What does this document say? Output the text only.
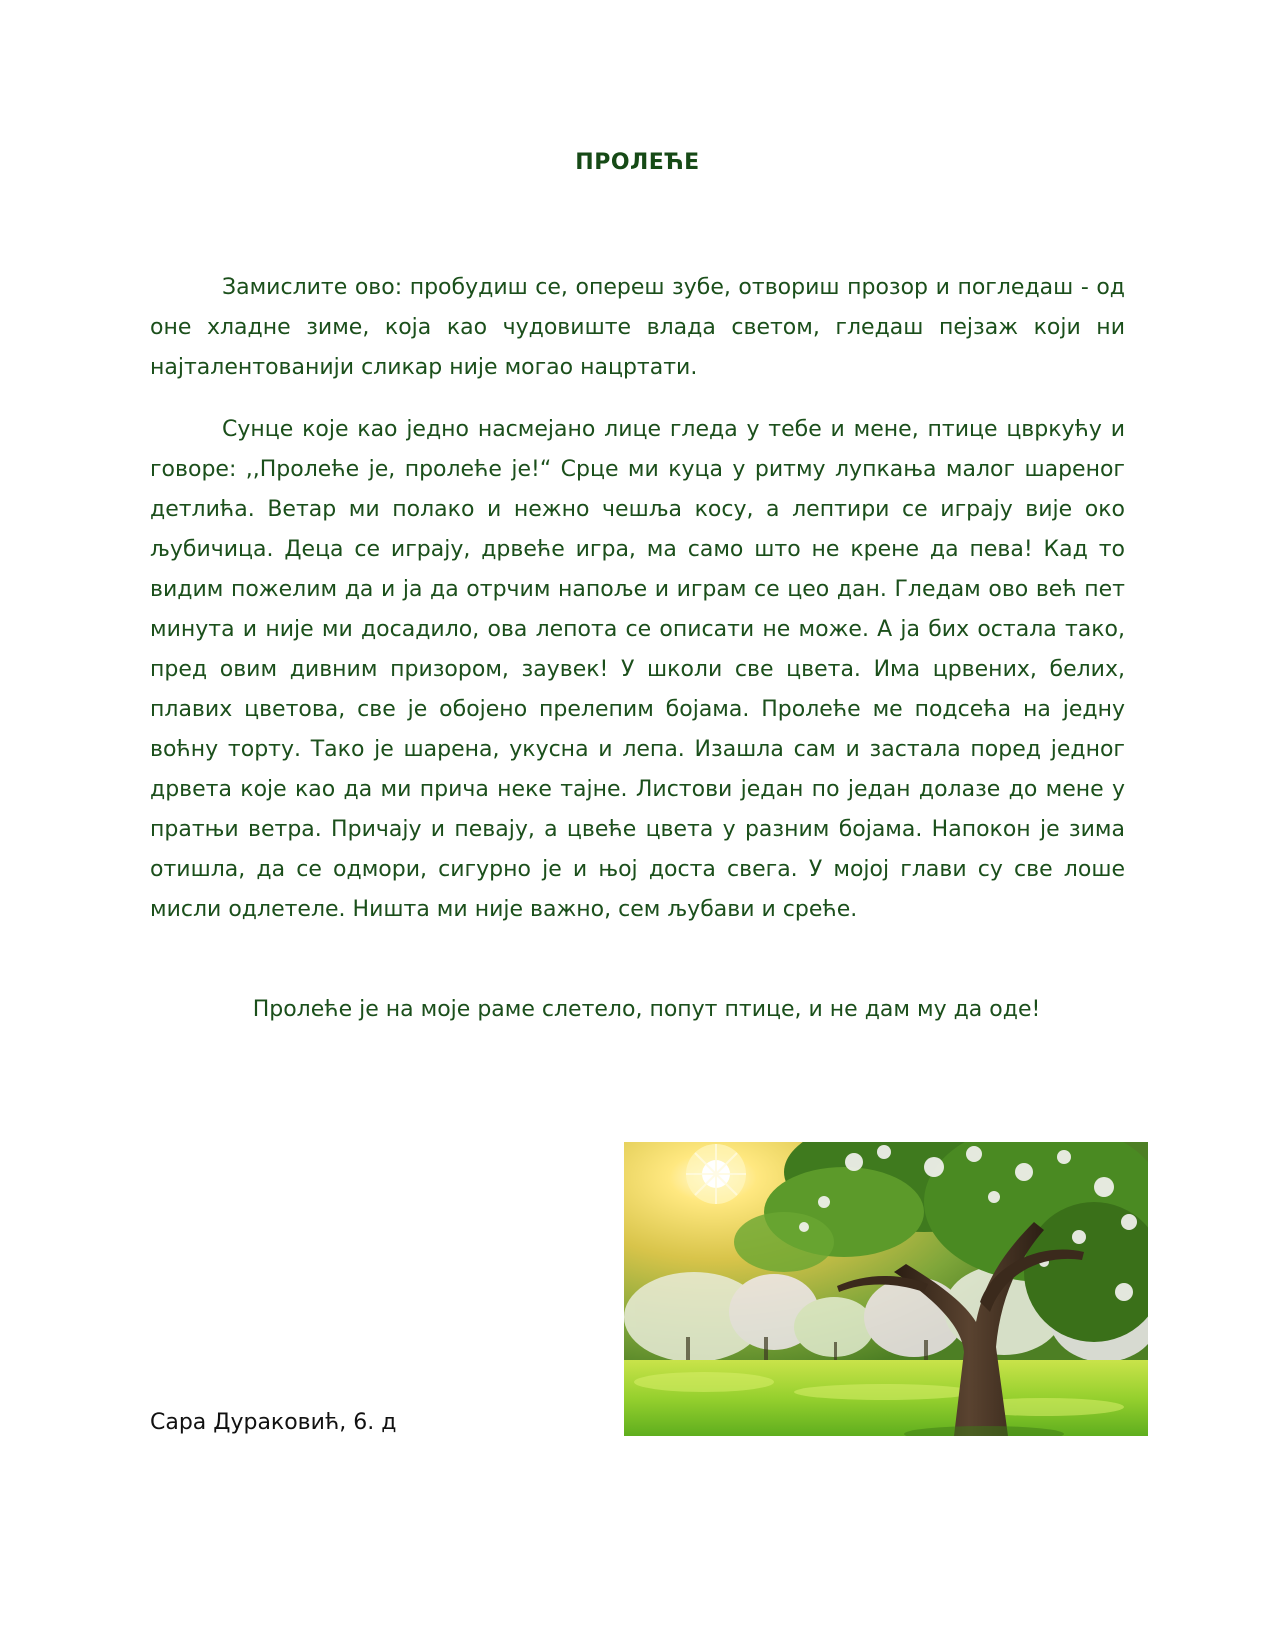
ПРОЛЕЋЕ

Замислите ово: пробудиш се, опереш зубе, отвориш прозор и погледаш - од оне хладне зиме, која као чудовиште влада светом, гледаш пејзаж који ни најталентованији сликар није могао нацртати.

Сунце које као једно насмејано лице гледа у тебе и мене, птице цвркућу и говоре: ,,Пролеће је, пролеће је!“ Срце ми куца у ритму лупкања малог шареног детлића. Ветар ми полако и нежно чешља косу, а лептири се играју вије око љубичица. Деца се играју, дрвеће игра, ма само што не крене да пева! Кад то видим пожелим да и ја да отрчим напоље и играм се цео дан. Гледам ово већ пет минута и није ми досадило, ова лепота се описати не може. А ја бих остала тако, пред овим дивним призором, заувек! У школи све цвета. Има црвених, белих, плавих цветова, све је обојено прелепим бојама. Пролеће ме подсећа на једну воћну торту. Тако је шарена, укусна и лепа. Изашла сам и застала поред једног дрвета које као да ми прича неке тајне. Листови један по један долазе до мене у пратњи ветра. Причају и певају, а цвеће цвета у разним бојама. Напокон је зима отишла, да се одмори, сигурно је и њој доста свега. У мојој глави су све лоше мисли одлетеле. Ништа ми није важно, сем љубави и среће.

Пролеће је на моје раме слетело, попут птице, и не дам му да оде!

Сара Дураковић, 6. д
